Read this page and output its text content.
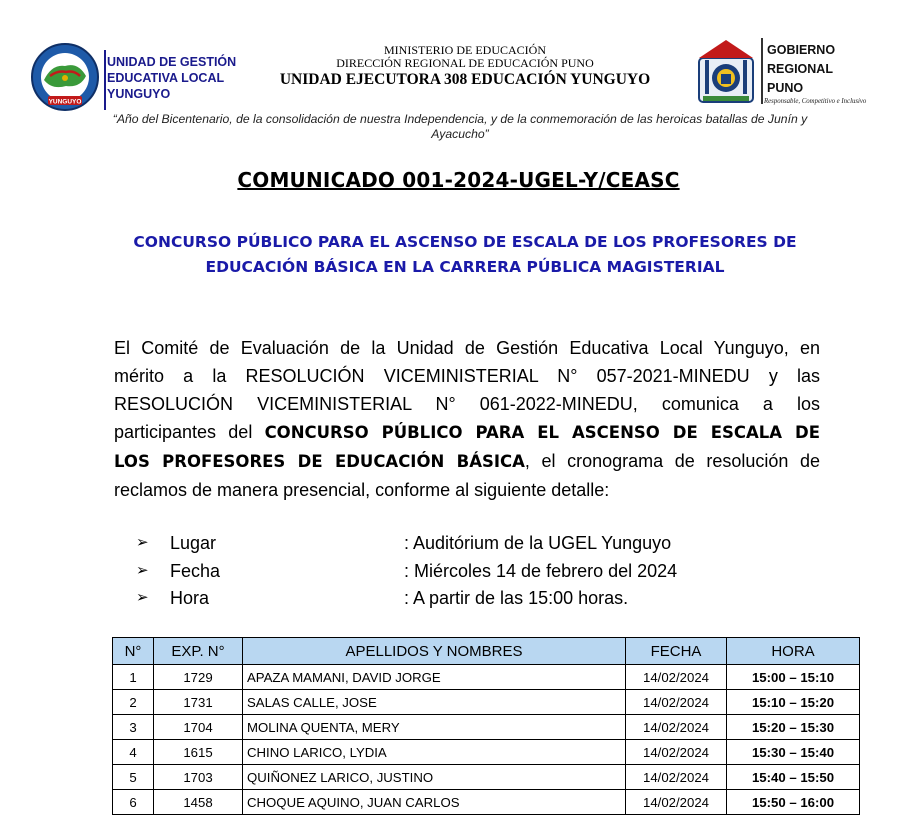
YUNGUYO
UNIDAD DE GESTIÓN
EDUCATIVA LOCAL
YUNGUYO
MINISTERIO DE EDUCACIÓN
DIRECCIÓN REGIONAL DE EDUCACIÓN PUNO
UNIDAD EJECUTORA 308 EDUCACIÓN YUNGUYO
GOBIERNO
REGIONAL
PUNO
Responsable, Competitivo e Inclusivo
“Año del Bicentenario, de la consolidación de nuestra Independencia, y de la conmemoración de las heroicas batallas de Junín y Ayacucho”
COMUNICADO 001-2024-UGEL-Y/CEASC
CONCURSO PÚBLICO PARA EL ASCENSO DE ESCALA DE LOS PROFESORES DE EDUCACIÓN BÁSICA EN LA CARRERA PÚBLICA MAGISTERIAL
El Comité de Evaluación de la Unidad de Gestión Educativa Local Yunguyo, en
mérito a la RESOLUCIÓN VICEMINISTERIAL N° 057-2021-MINEDU y las
RESOLUCIÓN VICEMINISTERIAL N° 061-2022-MINEDU, comunica a los
participantes del CONCURSO PÚBLICO PARA EL ASCENSO DE ESCALA DE
LOS PROFESORES DE EDUCACIÓN BÁSICA, el cronograma de resolución de
reclamos de manera presencial, conforme al siguiente detalle:
➢ Lugar	: Auditórium de la UGEL Yunguyo
➢ Fecha	: Miércoles 14 de febrero del 2024
➢ Hora	: A partir de las 15:00 horas.
N°	EXP. N°	APELLIDOS Y NOMBRES	FECHA	HORA
1	1729	APAZA MAMANI, DAVID JORGE	14/02/2024	15:00 – 15:10
2	1731	SALAS CALLE, JOSE	14/02/2024	15:10 – 15:20
3	1704	MOLINA QUENTA, MERY	14/02/2024	15:20 – 15:30
4	1615	CHINO LARICO, LYDIA	14/02/2024	15:30 – 15:40
5	1703	QUIÑONEZ LARICO, JUSTINO	14/02/2024	15:40 – 15:50
6	1458	CHOQUE AQUINO, JUAN CARLOS	14/02/2024	15:50 – 16:00
